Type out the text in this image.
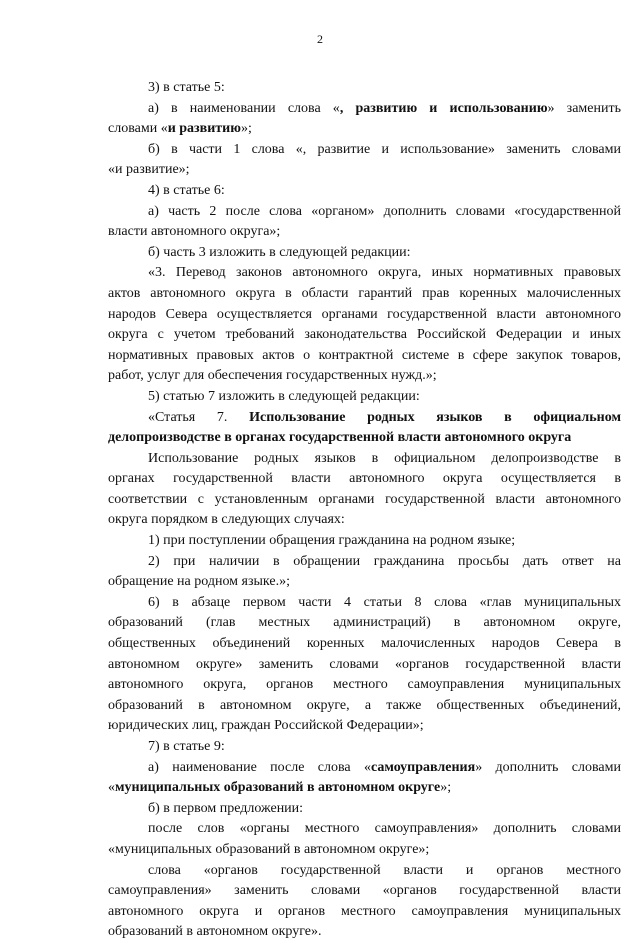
2

3) в статье 5:

а) в наименовании слова «, развитию и использованию» заменить

словами «и развитию»;

б) в части 1 слова «, развитие и использование» заменить словами

«и развитие»;

4) в статье 6:

а) часть 2 после слова «органом» дополнить словами «государственной

власти автономного округа»;

б) часть 3 изложить в следующей редакции:

«3. Перевод законов автономного округа, иных нормативных правовых

актов автономного округа в области гарантий прав коренных малочисленных

народов Севера осуществляется органами государственной власти автономного

округа с учетом требований законодательства Российской Федерации и иных

нормативных правовых актов о контрактной системе в сфере закупок товаров,

работ, услуг для обеспечения государственных нужд.»;

5) статью 7 изложить в следующей редакции:

«Статья 7. Использование родных языков в официальном

делопроизводстве в органах государственной власти автономного округа

Использование родных языков в официальном делопроизводстве в

органах государственной власти автономного округа осуществляется в

соответствии с установленным органами государственной власти автономного

округа порядком в следующих случаях:

1) при поступлении обращения гражданина на родном языке;

2) при наличии в обращении гражданина просьбы дать ответ на

обращение на родном языке.»;

6) в абзаце первом части 4 статьи 8 слова «глав муниципальных

образований (глав местных администраций) в автономном округе,

общественных объединений коренных малочисленных народов Севера в

автономном округе» заменить словами «органов государственной власти

автономного округа, органов местного самоуправления муниципальных

образований в автономном округе, а также общественных объединений,

юридических лиц, граждан Российской Федерации»;

7) в статье 9:

а) наименование после слова «самоуправления» дополнить словами

«муниципальных образований в автономном округе»;

б) в первом предложении:

после слов «органы местного самоуправления» дополнить словами

«муниципальных образований в автономном округе»;

слова «органов государственной власти и органов местного

самоуправления» заменить словами «органов государственной власти

автономного округа и органов местного самоуправления муниципальных

образований в автономном округе».
